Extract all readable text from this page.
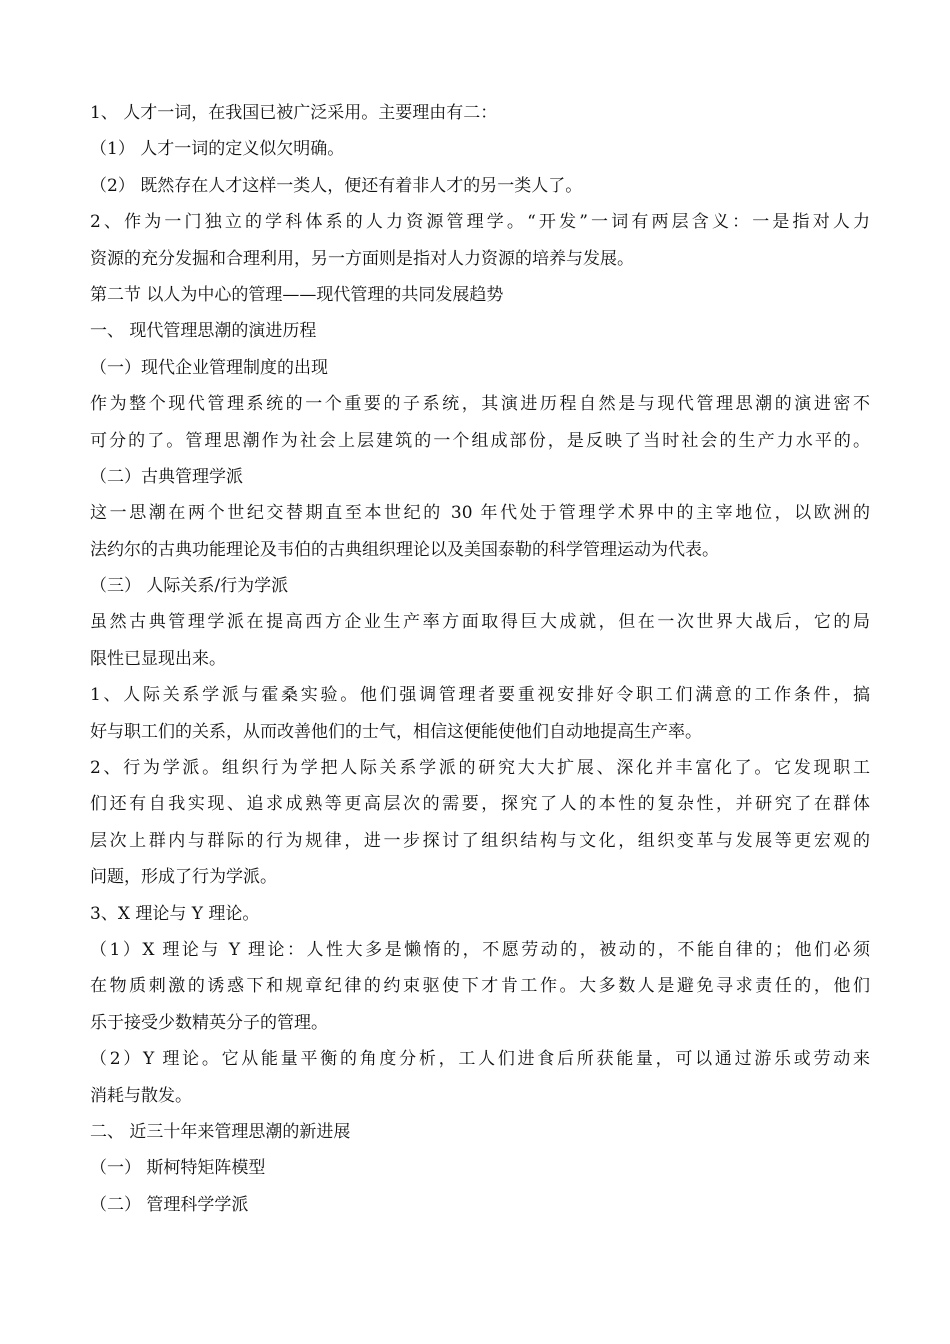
1、 人才一词，在我国已被广泛采用。主要理由有二：
（1） 人才一词的定义似欠明确。
（2） 既然存在人才这样一类人，便还有着非人才的另一类人了。
2、作为一门独立的学科体系的人力资源管理学。“开发”一词有两层含义：一是指对人力
资源的充分发掘和合理利用，另一方面则是指对人力资源的培养与发展。
第二节 以人为中心的管理——现代管理的共同发展趋势
一、 现代管理思潮的演进历程
（一）现代企业管理制度的出现
作为整个现代管理系统的一个重要的子系统，其演进历程自然是与现代管理思潮的演进密不
可分的了。管理思潮作为社会上层建筑的一个组成部份，是反映了当时社会的生产力水平的。
（二）古典管理学派
这一思潮在两个世纪交替期直至本世纪的 30 年代处于管理学术界中的主宰地位，以欧洲的
法约尔的古典功能理论及韦伯的古典组织理论以及美国泰勒的科学管理运动为代表。
（三） 人际关系/行为学派
虽然古典管理学派在提高西方企业生产率方面取得巨大成就，但在一次世界大战后，它的局
限性已显现出来。
1、人际关系学派与霍桑实验。他们强调管理者要重视安排好令职工们满意的工作条件，搞
好与职工们的关系，从而改善他们的士气，相信这便能使他们自动地提高生产率。
2、行为学派。组织行为学把人际关系学派的研究大大扩展、深化并丰富化了。它发现职工
们还有自我实现、追求成熟等更高层次的需要，探究了人的本性的复杂性，并研究了在群体
层次上群内与群际的行为规律，进一步探讨了组织结构与文化，组织变革与发展等更宏观的
问题，形成了行为学派。
3、X 理论与 Y 理论。
（1）X 理论与 Y 理论：人性大多是懒惰的，不愿劳动的，被动的，不能自律的；他们必须
在物质刺激的诱惑下和规章纪律的约束驱使下才肯工作。大多数人是避免寻求责任的，他们
乐于接受少数精英分子的管理。
（2）Y 理论。它从能量平衡的角度分析，工人们进食后所获能量，可以通过游乐或劳动来
消耗与散发。
二、 近三十年来管理思潮的新进展
（一） 斯柯特矩阵模型
（二） 管理科学学派
